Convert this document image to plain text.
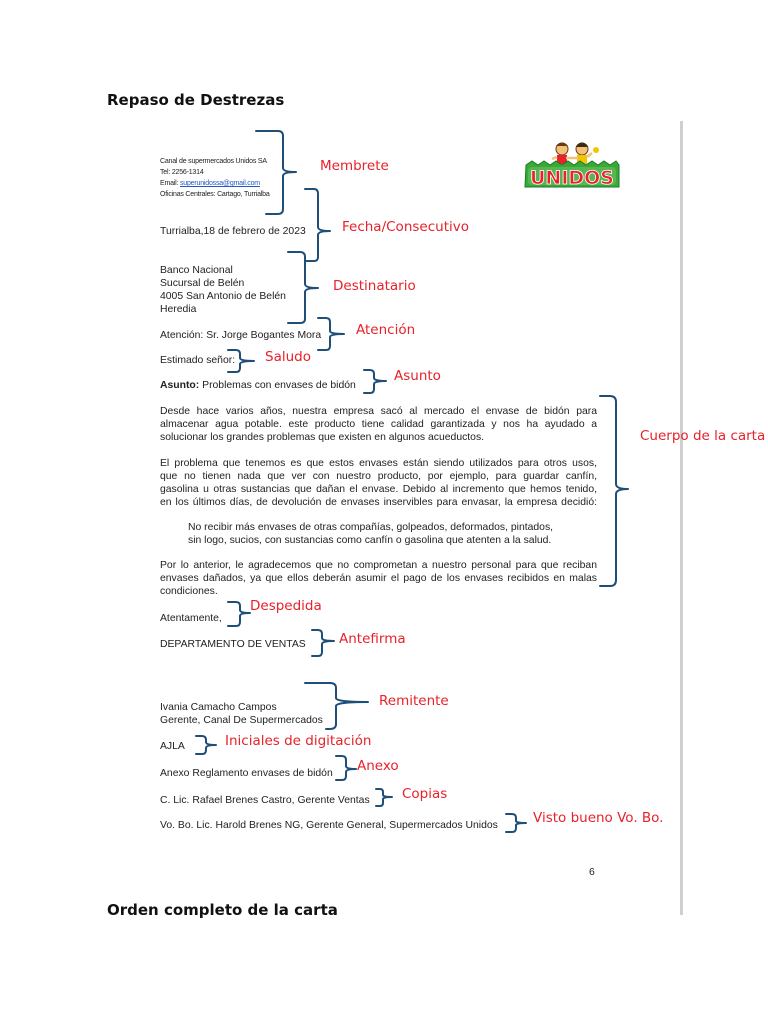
Repaso de Destrezas
Orden completo de la carta
UNIDOS
Canal de supermercados Unidos SA
Tel: 2256-1314
Email: superunidossa@gmail.com
Oficinas Centrales: Cartago, Turrialba
Turrialba,18 de febrero de 2023
Banco Nacional
Sucursal de Belén
4005 San Antonio de Belén
Heredia
Atención: Sr. Jorge Bogantes Mora
Estimado señor:
Asunto: Problemas con envases de bidón
Desde hace varios años, nuestra empresa sacó al mercado el envase de bidón para
almacenar agua potable. este producto tiene calidad garantizada y nos ha ayudado a
solucionar los grandes problemas que existen en algunos acueductos.
El problema que tenemos es que estos envases están siendo utilizados para otros usos,
que no tienen nada que ver con nuestro producto, por ejemplo, para guardar canfín,
gasolina u otras sustancias que dañan el envase. Debido al incremento que hemos tenido,
en los últimos días, de devolución de envases inservibles para envasar, la empresa decidió:
No recibir más envases de otras compañías, golpeados, deformados, pintados,
sin logo, sucios, con sustancias como canfín o gasolina que atenten a la salud.
Por lo anterior, le agradecemos que no comprometan a nuestro personal para que reciban
envases dañados, ya que ellos deberán asumir el pago de los envases recibidos en malas
condiciones.
Atentamente,
DEPARTAMENTO DE VENTAS
Ivania Camacho Campos
Gerente, Canal De Supermercados
AJLA
Anexo Reglamento envases de bidón
C. Lic. Rafael Brenes Castro, Gerente Ventas
Vo. Bo. Lic. Harold Brenes NG, Gerente General, Supermercados Unidos
6
Membrete
Fecha/Consecutivo
Destinatario
Atención
Saludo
Asunto
Cuerpo de la carta
Despedida
Antefirma
Remitente
Iniciales de digitación
Anexo
Copias
Visto bueno Vo. Bo.
